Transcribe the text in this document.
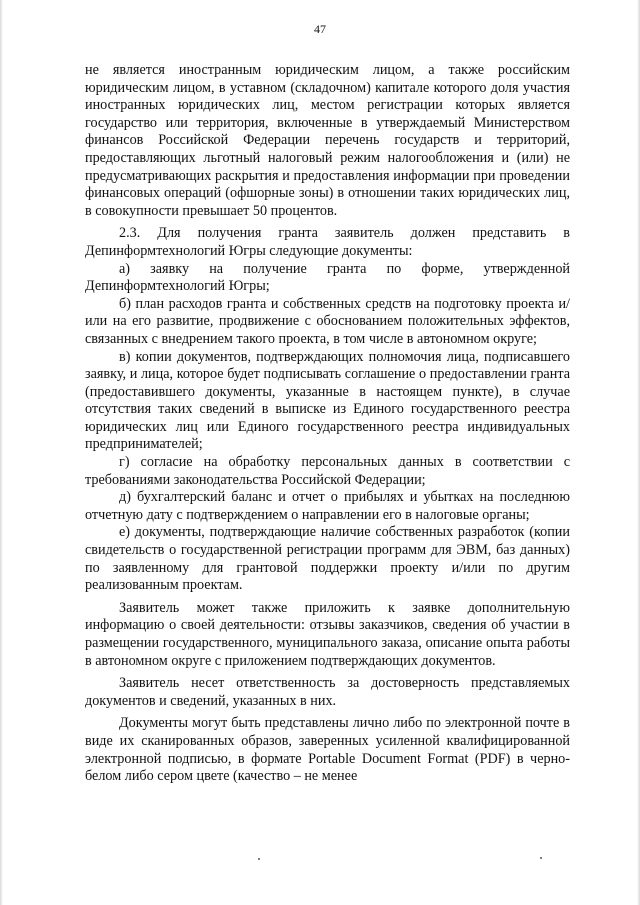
47

не является иностранным юридическим лицом, а также российским юридическим лицом, в уставном (складочном) капитале которого доля участия иностранных юридических лиц, местом регистрации которых является государство или территория, включенные в утверждаемый Министерством финансов Российской Федерации перечень государств и территорий, предоставляющих льготный налоговый режим налогообложения и (или) не предусматривающих раскрытия и предоставления информации при проведении финансовых операций (офшорные зоны) в отношении таких юридических лиц, в совокупности превышает 50 процентов.

2.3. Для получения гранта заявитель должен представить в Депинформтехнологий Югры следующие документы:

а) заявку на получение гранта по форме, утвержденной Депинформтехнологий Югры;

б) план расходов гранта и собственных средств на подготовку проекта и/или на его развитие, продвижение с обоснованием положительных эффектов, связанных с внедрением такого проекта, в том числе в автономном округе;

в) копии документов, подтверждающих полномочия лица, подписавшего заявку, и лица, которое будет подписывать соглашение о предоставлении гранта (предоставившего документы, указанные в настоящем пункте), в случае отсутствия таких сведений в выписке из Единого государственного реестра юридических лиц или Единого государственного реестра индивидуальных предпринимателей;

г) согласие на обработку персональных данных в соответствии с требованиями законодательства Российской Федерации;

д) бухгалтерский баланс и отчет о прибылях и убытках на последнюю отчетную дату с подтверждением о направлении его в налоговые органы;

е) документы, подтверждающие наличие собственных разработок (копии свидетельств о государственной регистрации программ для ЭВМ, баз данных) по заявленному для грантовой поддержки проекту и/или по другим реализованным проектам.

Заявитель может также приложить к заявке дополнительную информацию о своей деятельности: отзывы заказчиков, сведения об участии в размещении государственного, муниципального заказа, описание опыта работы в автономном округе с приложением подтверждающих документов.

Заявитель несет ответственность за достоверность представляемых документов и сведений, указанных в них.

Документы могут быть представлены лично либо по электронной почте в виде их сканированных образов, заверенных усиленной квалифицированной электронной подписью, в формате Portable Document Format (PDF) в черно-белом либо сером цвете (качество – не менее
